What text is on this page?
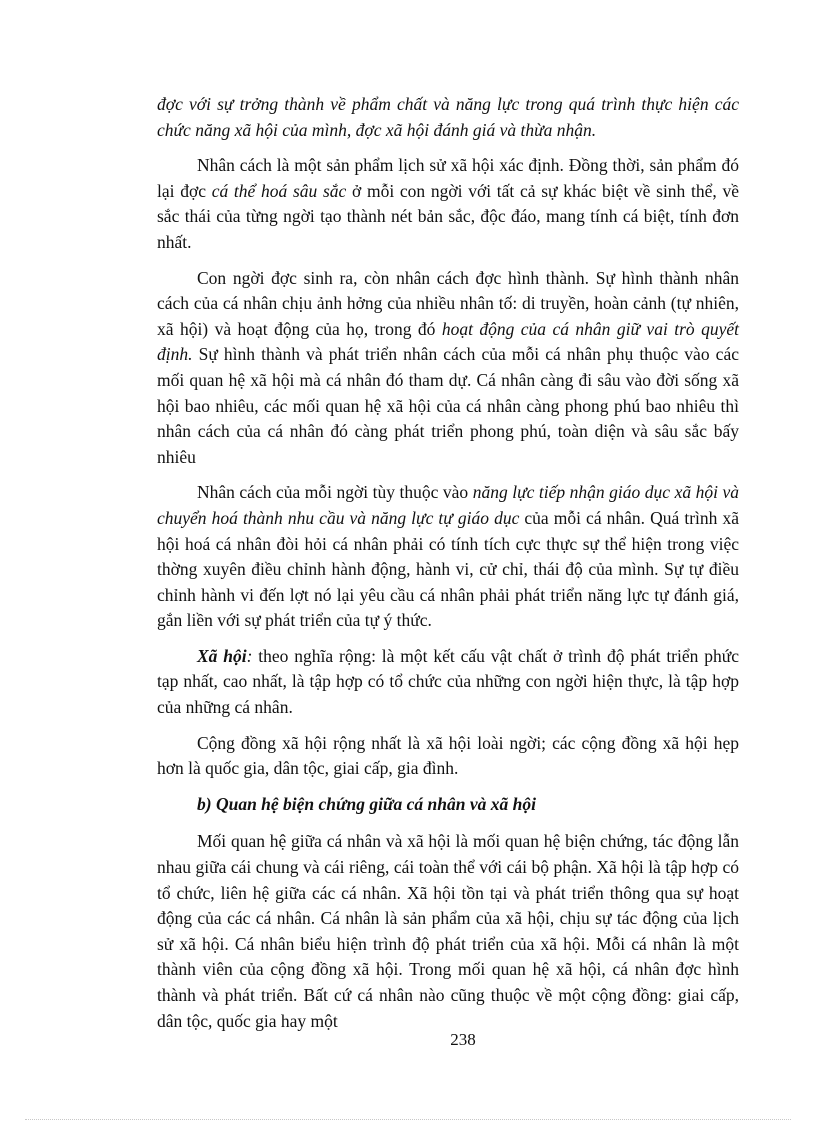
đợc với sự trởng thành về phẩm chất và năng lực trong quá trình thực hiện các chức năng xã hội của mình, đợc xã hội đánh giá và thừa nhận.

Nhân cách là một sản phẩm lịch sử xã hội xác định. Đồng thời, sản phẩm đó lại đợc cá thể hoá sâu sắc ở mỗi con ngời với tất cả sự khác biệt về sinh thể, về sắc thái của từng ngời tạo thành nét bản sắc, độc đáo, mang tính cá biệt, tính đơn nhất.

Con ngời đợc sinh ra, còn nhân cách đợc hình thành. Sự hình thành nhân cách của cá nhân chịu ảnh hởng của nhiều nhân tố: di truyền, hoàn cảnh (tự nhiên, xã hội) và hoạt động của họ, trong đó hoạt động của cá nhân giữ vai trò quyết định. Sự hình thành và phát triển nhân cách của mỗi cá nhân phụ thuộc vào các mối quan hệ xã hội mà cá nhân đó tham dự. Cá nhân càng đi sâu vào đời sống xã hội bao nhiêu, các mối quan hệ xã hội của cá nhân càng phong phú bao nhiêu thì nhân cách của cá nhân đó càng phát triển phong phú, toàn diện và sâu sắc bấy nhiêu

Nhân cách của mỗi ngời tùy thuộc vào năng lực tiếp nhận giáo dục xã hội và chuyển hoá thành nhu cầu và năng lực tự giáo dục của mỗi cá nhân. Quá trình xã hội hoá cá nhân đòi hỏi cá nhân phải có tính tích cực thực sự thể hiện trong việc thờng xuyên điều chỉnh hành động, hành vi, cử chỉ, thái độ của mình. Sự tự điều chỉnh hành vi đến lợt nó lại yêu cầu cá nhân phải phát triển năng lực tự đánh giá, gắn liền với sự phát triển của tự ý thức.

Xã hội: theo nghĩa rộng: là một kết cấu vật chất ở trình độ phát triển phức tạp nhất, cao nhất, là tập hợp có tổ chức của những con ngời hiện thực, là tập hợp của những cá nhân.

Cộng đồng xã hội rộng nhất là xã hội loài ngời; các cộng đồng xã hội hẹp hơn là quốc gia, dân tộc, giai cấp, gia đình.

b) Quan hệ biện chứng giữa cá nhân và xã hội

Mối quan hệ giữa cá nhân và xã hội là mối quan hệ biện chứng, tác động lẫn nhau giữa cái chung và cái riêng, cái toàn thể với cái bộ phận. Xã hội là tập hợp có tổ chức, liên hệ giữa các cá nhân. Xã hội tồn tại và phát triển thông qua sự hoạt động của các cá nhân. Cá nhân là sản phẩm của xã hội, chịu sự tác động của lịch sử xã hội. Cá nhân biểu hiện trình độ phát triển của xã hội. Mỗi cá nhân là một thành viên của cộng đồng xã hội. Trong mối quan hệ xã hội, cá nhân đợc hình thành và phát triển. Bất cứ cá nhân nào cũng thuộc về một cộng đồng: giai cấp, dân tộc, quốc gia hay một

238
